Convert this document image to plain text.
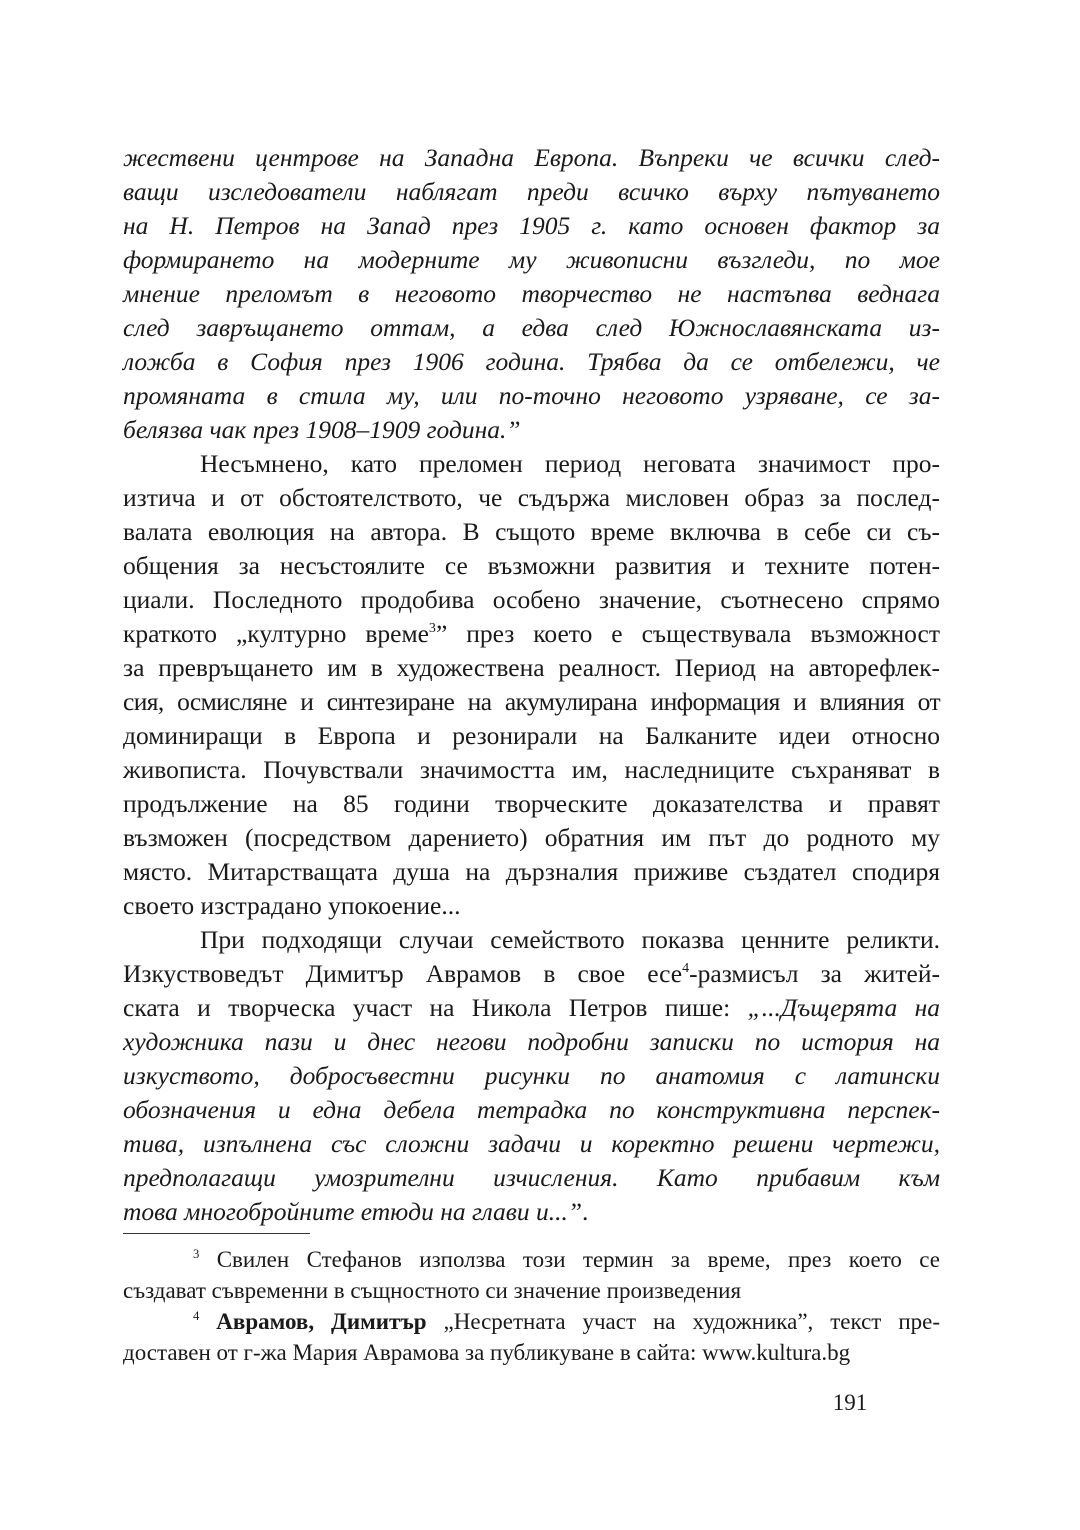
жествени центрове на Западна Европа. Въпреки че всички след-
ващи изследователи наблягат преди всичко върху пътуването
на Н. Петров на Запад през 1905 г. като основен фактор за
формирането на модерните му живописни възгледи, по мое
мнение преломът в неговото творчество не настъпва веднага
след завръщането оттам, а едва след Южнославянската из-
ложба в София през 1906 година. Трябва да се отбележи, че
промяната в стила му, или по-точно неговото узряване, се за-
белязва чак през 1908–1909 година.”
Несъмнено, като преломен период неговата значимост про-
изтича и от обстоятелството, че съдържа мисловен образ за послед-
валата еволюция на автора. В същото време включва в себе си съ-
общения за несъстоялите се възможни развития и техните потен-
циали. Последното продобива особено значение, съотнесено спрямо
краткото „културно време$^3$” през което е съществувала възможност
за превръщането им в художествена реалност. Период на авторефлек-
сия, осмисляне и синтезиране на акумулирана информация и влияния от
доминиращи в Европа и резонирали на Балканите идеи относно
живописта. Почувствали значимостта им, наследниците съхраняват в
продължение на 85 години творческите доказателства и правят
възможен (посредством дарението) обратния им път до родното му
място. Митарстващата душа на дързналия приживе създател сподиря
своето изстрадано упокоение...
При подходящи случаи семейството показва ценните реликти.
Изкуствоведът Димитър Аврамов в свое есе$^4$-размисъл за житей-
ската и творческа участ на Никола Петров пише: „...Дъщерята на
художника пази и днес негови подробни записки по история на
изкуството, добросъвестни рисунки по анатомия с латински
обозначения и една дебела тетрадка по конструктивна перспек-
тива, изпълнена със сложни задачи и коректно решени чертежи,
предполагащи умозрителни изчисления. Като прибавим към
това многобройните етюди на глави и...”.
$^3$ Свилен Стефанов използва този термин за време, през което се
създават съвременни в същностното си значение произведения
$^4$ Аврамов, Димитър „Несретната участ на художника”, текст пре-
доставен от г-жа Мария Аврамова за публикуване в сайта: www.kultura.bg
191
